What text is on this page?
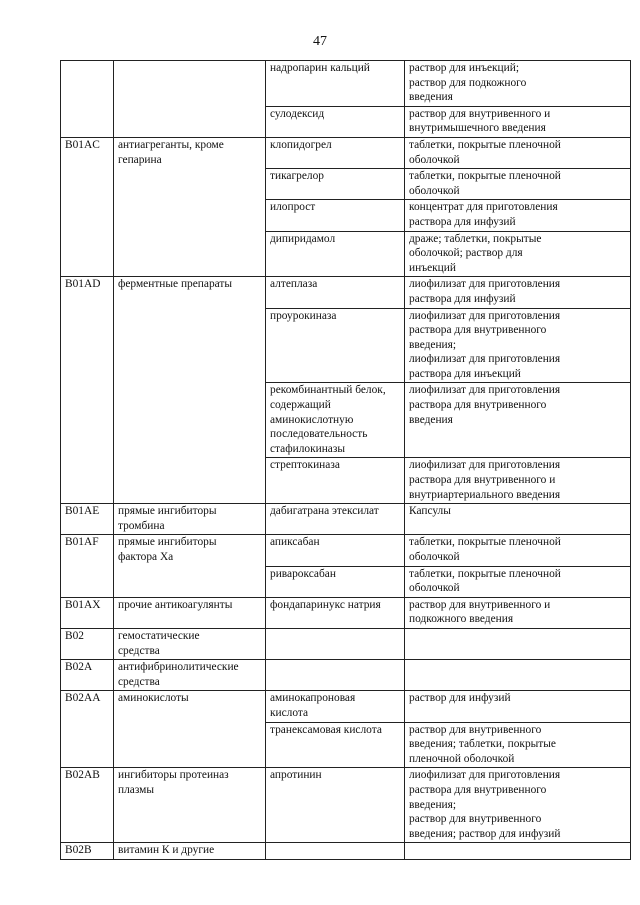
47
		надропарин кальций	раствор для инъекций;
раствор для подкожного
введения
		сулодексид	раствор для внутривенного и
внутримышечного введения
B01AC	антиагреганты, кроме
гепарина	клопидогрел	таблетки, покрытые пленочной
оболочкой
		тикагрелор	таблетки, покрытые пленочной
оболочкой
		илопрост	концентрат для приготовления
раствора для инфузий
		дипиридамол	драже; таблетки, покрытые
оболочкой; раствор для
инъекций
B01AD	ферментные препараты	алтеплаза	лиофилизат для приготовления
раствора для инфузий
		проурокиназа	лиофилизат для приготовления
раствора для внутривенного
введения;
лиофилизат для приготовления
раствора для инъекций
		рекомбинантный белок,
содержащий
аминокислотную
последовательность
стафилокиназы	лиофилизат для приготовления
раствора для внутривенного
введения
		стрептокиназа	лиофилизат для приготовления
раствора для внутривенного и
внутриартериального введения
B01AE	прямые ингибиторы
тромбина	дабигатрана этексилат	Капсулы
B01AF	прямые ингибиторы
фактора Ха	апиксабан	таблетки, покрытые пленочной
оболочкой
		ривароксабан	таблетки, покрытые пленочной
оболочкой
B01AX	прочие антикоагулянты	фондапаринукс натрия	раствор для внутривенного и
подкожного введения
B02	гемостатические
средства		
B02A	антифибринолитические
средства		
B02AA	аминокислоты	аминокапроновая
кислота	раствор для инфузий
		транексамовая кислота	раствор для внутривенного
введения; таблетки, покрытые
пленочной оболочкой
B02AB	ингибиторы протеиназ
плазмы	апротинин	лиофилизат для приготовления
раствора для внутривенного
введения;
раствор для внутривенного
введения; раствор для инфузий
B02B	витамин К и другие		
